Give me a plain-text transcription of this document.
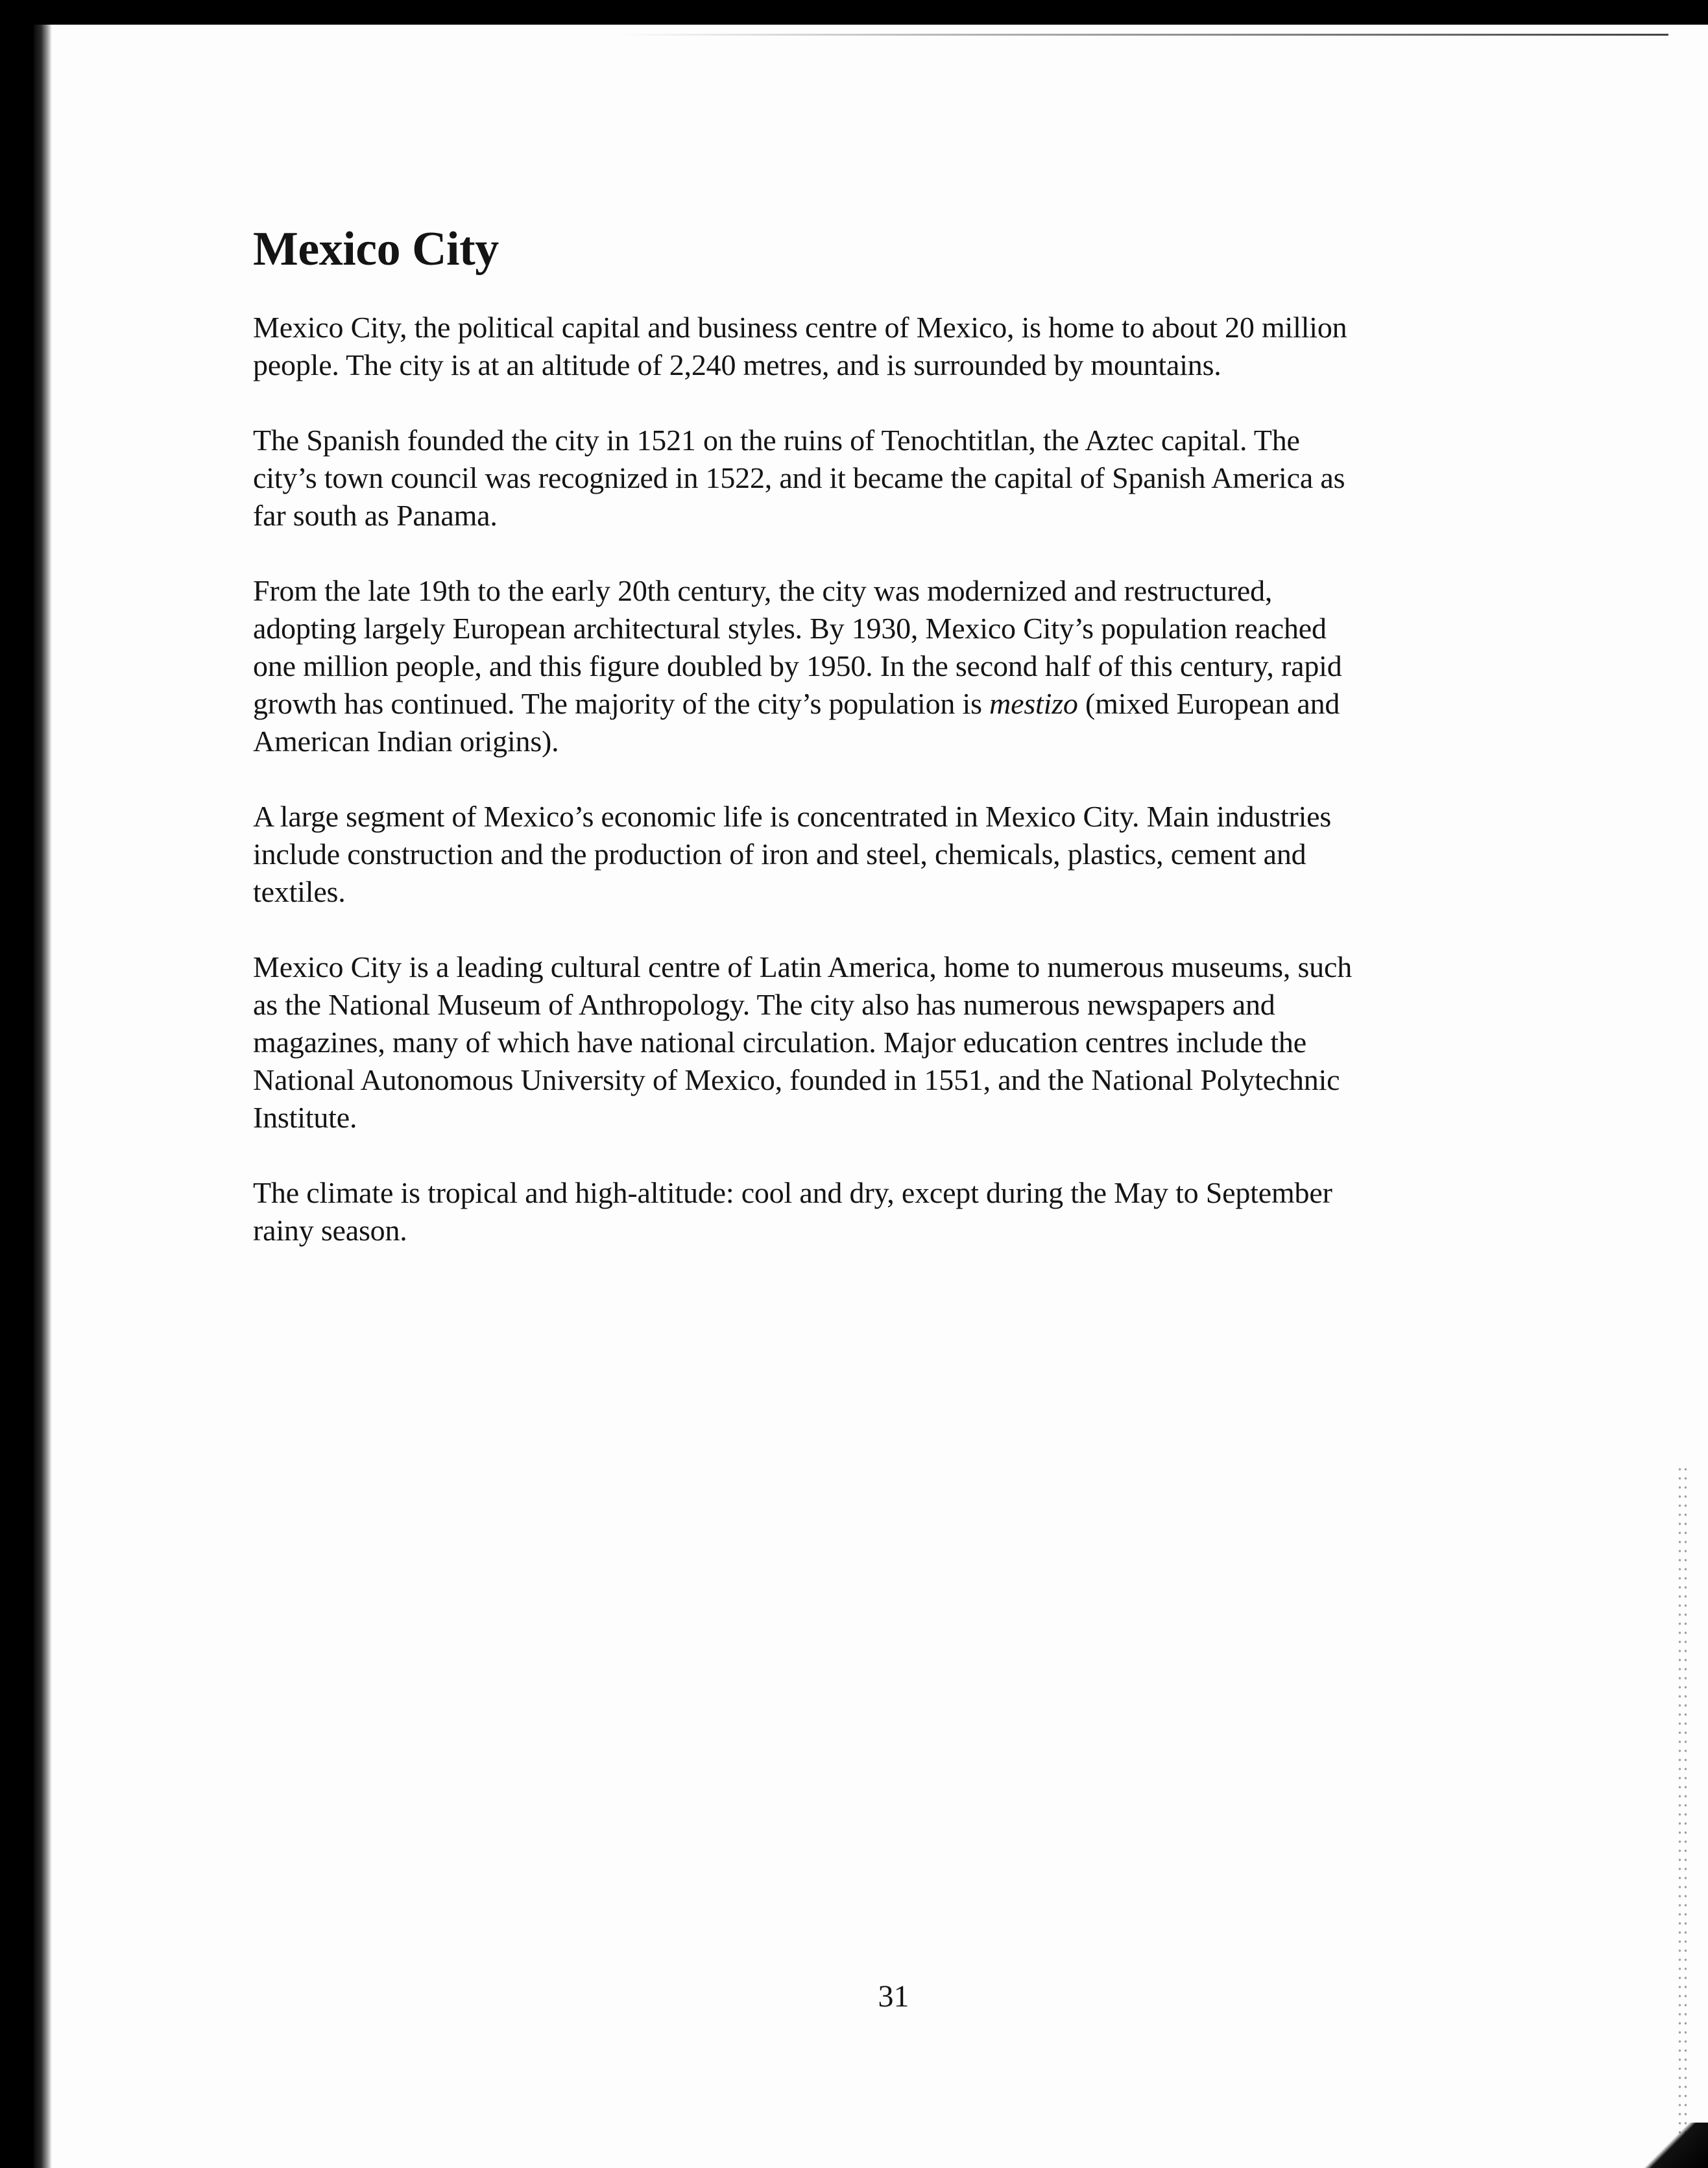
Mexico City

Mexico City, the political capital and business centre of Mexico, is home to about 20 million people. The city is at an altitude of 2,240 metres, and is surrounded by mountains.

The Spanish founded the city in 1521 on the ruins of Tenochtitlan, the Aztec capital. The city’s town council was recognized in 1522, and it became the capital of Spanish America as far south as Panama.

From the late 19th to the early 20th century, the city was modernized and restructured, adopting largely European architectural styles. By 1930, Mexico City’s population reached one million people, and this figure doubled by 1950. In the second half of this century, rapid growth has continued. The majority of the city’s population is mestizo (mixed European and American Indian origins).

A large segment of Mexico’s economic life is concentrated in Mexico City. Main industries include construction and the production of iron and steel, chemicals, plastics, cement and textiles.

Mexico City is a leading cultural centre of Latin America, home to numerous museums, such as the National Museum of Anthropology. The city also has numerous newspapers and magazines, many of which have national circulation. Major education centres include the National Autonomous University of Mexico, founded in 1551, and the National Polytechnic Institute.

The climate is tropical and high-altitude: cool and dry, except during the May to September rainy season.

31
